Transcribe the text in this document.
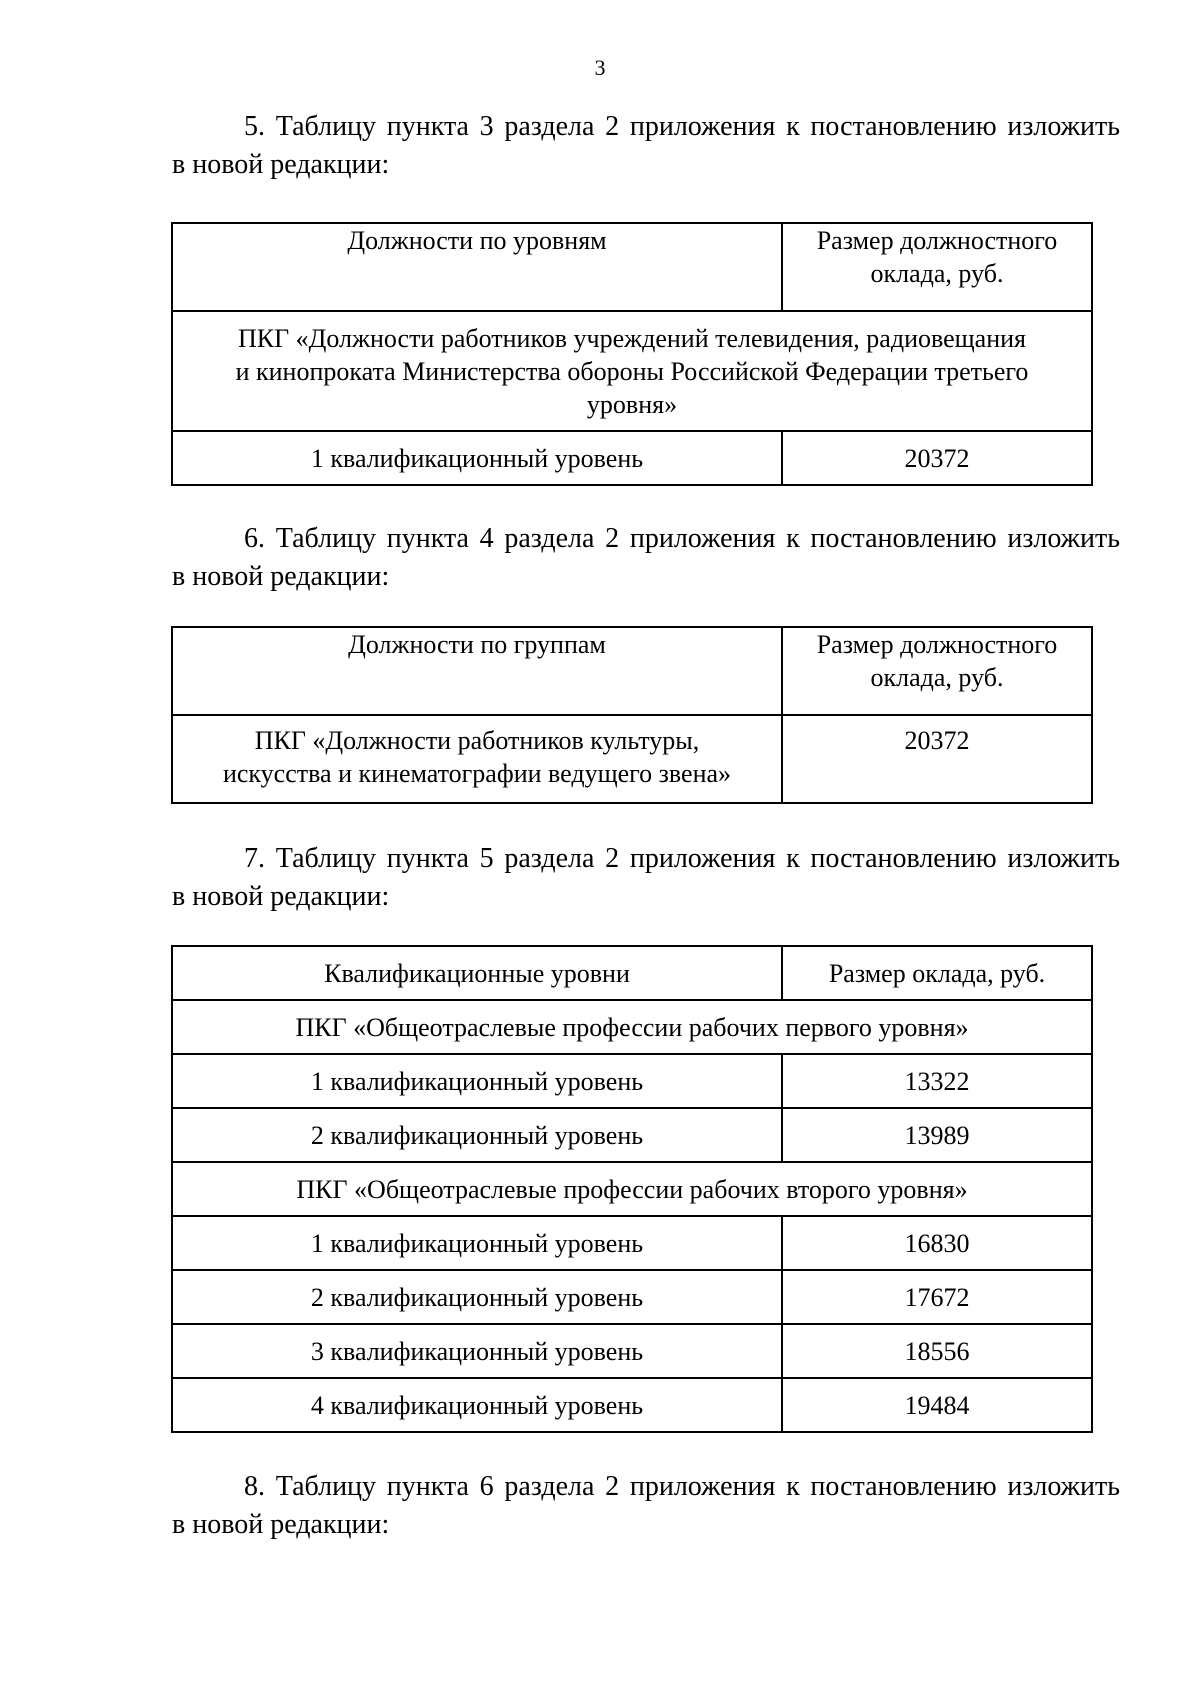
3

5. Таблицу пункта 3 раздела 2 приложения к постановлению изложить
в новой редакции:

Должности по уровням	Размер должностного оклада, руб.
ПКГ «Должности работников учреждений телевидения, радиовещания и кинопроката Министерства обороны Российской Федерации третьего уровня»	
1 квалификационный уровень	20372

6. Таблицу пункта 4 раздела 2 приложения к постановлению изложить
в новой редакции:

Должности по группам	Размер должностного оклада, руб.
ПКГ «Должности работников культуры, искусства и кинематографии ведущего звена»	20372

7. Таблицу пункта 5 раздела 2 приложения к постановлению изложить
в новой редакции:

Квалификационные уровни	Размер оклада, руб.
ПКГ «Общеотраслевые профессии рабочих первого уровня»	
1 квалификационный уровень	13322
2 квалификационный уровень	13989
ПКГ «Общеотраслевые профессии рабочих второго уровня»	
1 квалификационный уровень	16830
2 квалификационный уровень	17672
3 квалификационный уровень	18556
4 квалификационный уровень	19484

8. Таблицу пункта 6 раздела 2 приложения к постановлению изложить
в новой редакции:
